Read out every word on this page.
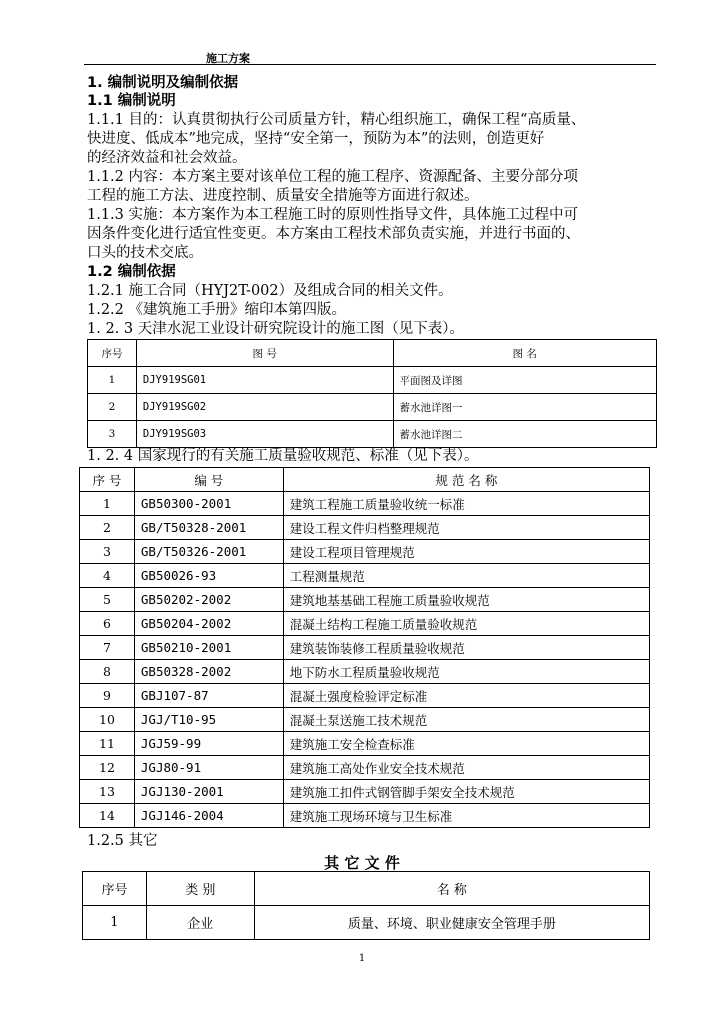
施工方案
1. 编制说明及编制依据
1.1 编制说明
1.1.1 目的：认真贯彻执行公司质量方针，精心组织施工，确保工程“高质量、
快进度、低成本”地完成，坚持“安全第一，预防为本”的法则，创造更好
的经济效益和社会效益。
1.1.2 内容：本方案主要对该单位工程的施工程序、资源配备、主要分部分项
工程的施工方法、进度控制、质量安全措施等方面进行叙述。
1.1.3 实施：本方案作为本工程施工时的原则性指导文件，具体施工过程中可
因条件变化进行适宜性变更。本方案由工程技术部负责实施，并进行书面的、
口头的技术交底。
1.2 编制依据
1.2.1 施工合同（HYJ2T-002）及组成合同的相关文件。
1.2.2 《建筑施工手册》缩印本第四版。
1. 2. 3 天津水泥工业设计研究院设计的施工图（见下表）。
序号	图 号	图 名
1	DJY919SG01	平面图及详图
2	DJY919SG02	蓄水池详图一
3	DJY919SG03	蓄水池详图二
1. 2. 4 国家现行的有关施工质量验收规范、标准（见下表）。
序 号	编 号	规 范 名 称
1	GB50300-2001	建筑工程施工质量验收统一标准
2	GB/T50328-2001	建设工程文件归档整理规范
3	GB/T50326-2001	建设工程项目管理规范
4	GB50026-93	工程测量规范
5	GB50202-2002	建筑地基基础工程施工质量验收规范
6	GB50204-2002	混凝土结构工程施工质量验收规范
7	GB50210-2001	建筑装饰装修工程质量验收规范
8	GB50328-2002	地下防水工程质量验收规范
9	GBJ107-87	混凝土强度检验评定标准
10	JGJ/T10-95	混凝土泵送施工技术规范
11	JGJ59-99	建筑施工安全检查标准
12	JGJ80-91	建筑施工高处作业安全技术规范
13	JGJ130-2001	建筑施工扣件式钢管脚手架安全技术规范
14	JGJ146-2004	建筑施工现场环境与卫生标准
1.2.5 其它
其 它 文 件
序号	类 别	名 称
1	企业	质量、环境、职业健康安全管理手册
1
